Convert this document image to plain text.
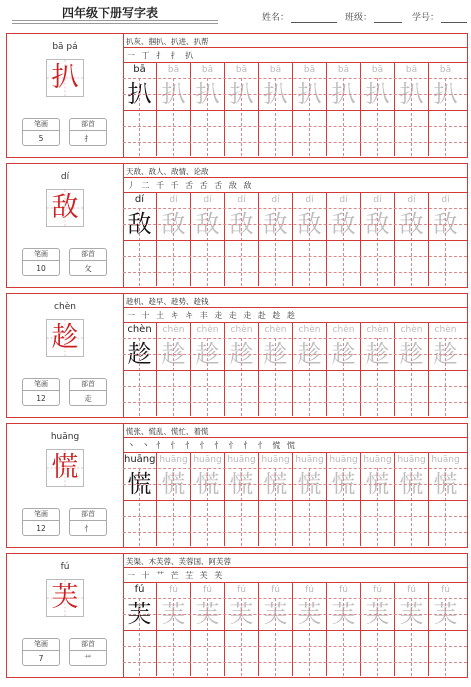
四年级下册写字表	姓名：	班级：	学号：
bā pá
扒
笔画
5
部首
扌
扒灰、掴扒、扒进、扒帮
一 丁 扌 扌 扒
bā
扒
bā
扒
bā
扒
bā
扒
bā
扒
bā
扒
bā
扒
bā
扒
bā
扒
bā
扒
dí
敌
笔画
10
部首
攵
天敌、敌人、敌情、论敌
丿 二 千 千 舌 舌 舌 敌 敌
dí
敌
dí
敌
dí
敌
dí
敌
dí
敌
dí
敌
dí
敌
dí
敌
dí
敌
dí
敌
chèn
趁
笔画
12
部首
走
趁机、趁早、趁势、趁钱
一 十 土 キ キ 丰 走 走 走 赴 趁 趁
chèn
趁
chèn
趁
chèn
趁
chèn
趁
chèn
趁
chèn
趁
chèn
趁
chèn
趁
chèn
趁
chèn
趁
huāng
慌
笔画
12
部首
忄
慌张、慌乱、慌忙、着慌
丶 丶 忄 忄 忄 忄 忄 忄 忄 忄 慌 慌
huāng
慌
huāng
慌
huāng
慌
huāng
慌
huāng
慌
huāng
慌
huāng
慌
huāng
慌
huāng
慌
huāng
慌
fú
芙
笔画
7
部首
艹
芙渠、木芙蓉、芙蓉国、阿芙蓉
一 十 艹 芒 芏 芙 芙
fú
芙
fú
芙
fú
芙
fú
芙
fú
芙
fú
芙
fú
芙
fú
芙
fú
芙
fú
芙
